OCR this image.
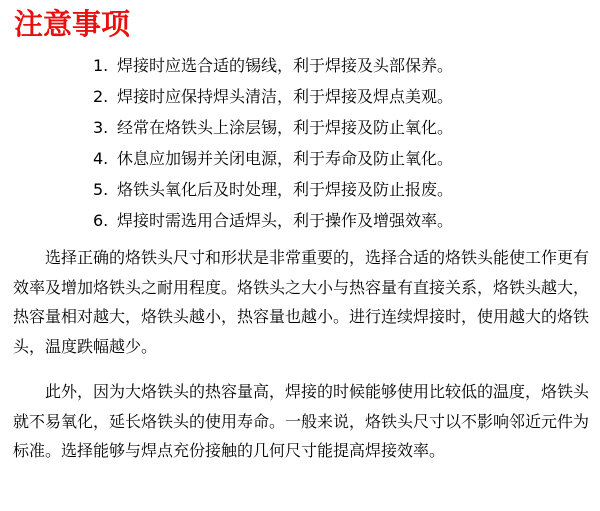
注意事项
1. 焊接时应选合适的锡线，利于焊接及头部保养。
2. 焊接时应保持焊头清洁，利于焊接及焊点美观。
3. 经常在烙铁头上涂层锡，利于焊接及防止氧化。
4. 休息应加锡并关闭电源，利于寿命及防止氧化。
5. 烙铁头氧化后及时处理，利于焊接及防止报废。
6. 焊接时需选用合适焊头，利于操作及增强效率。

选择正确的烙铁头尺寸和形状是非常重要的，选择合适的烙铁头能使工作更有效率及增加烙铁头之耐用程度。烙铁头之大小与热容量有直接关系，烙铁头越大，热容量相对越大，烙铁头越小，热容量也越小。进行连续焊接时，使用越大的烙铁头，温度跌幅越少。

此外，因为大烙铁头的热容量高，焊接的时候能够使用比较低的温度，烙铁头就不易氧化，延长烙铁头的使用寿命。一般来说，烙铁头尺寸以不影响邻近元件为标准。选择能够与焊点充份接触的几何尺寸能提高焊接效率。
